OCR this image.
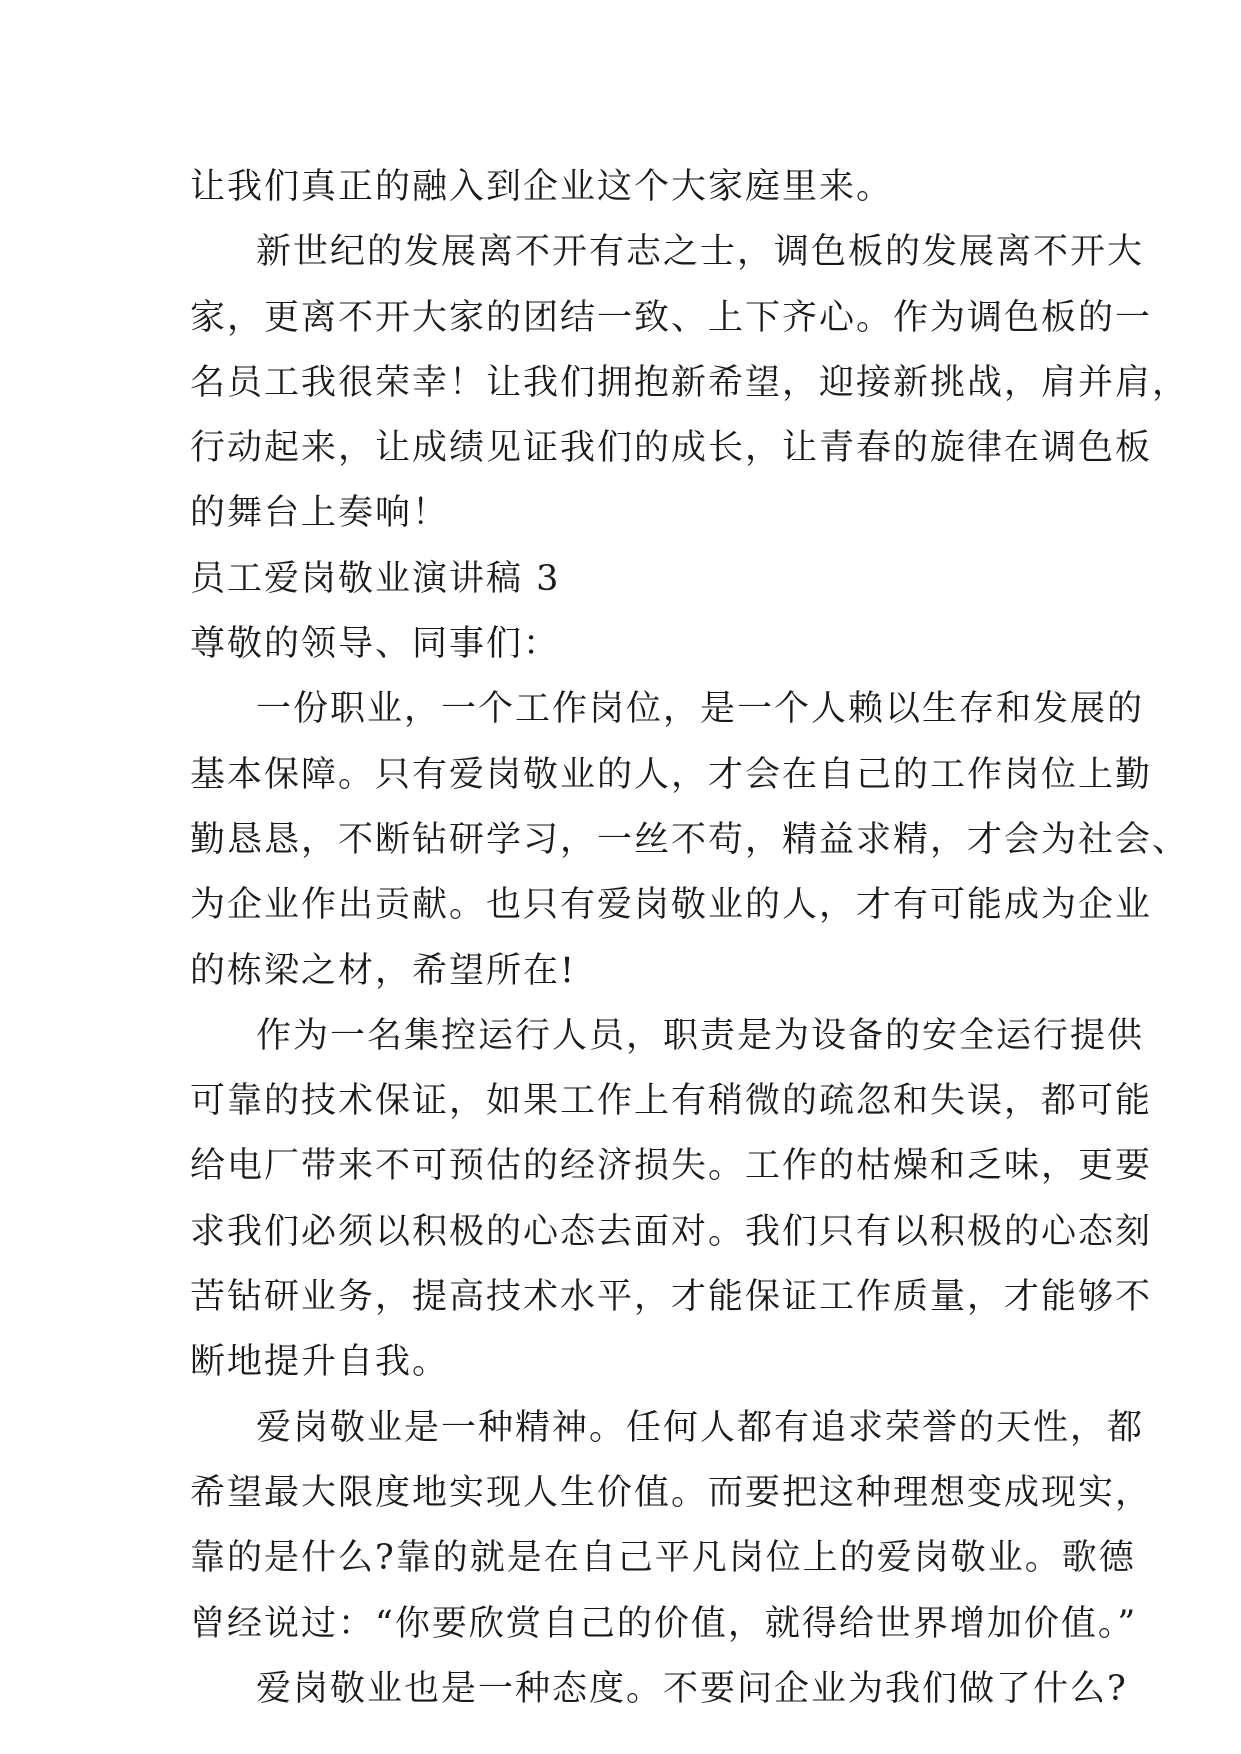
让我们真正的融入到企业这个大家庭里来。
新世纪的发展离不开有志之士，调色板的发展离不开大
家，更离不开大家的团结一致、上下齐心。作为调色板的一
名员工我很荣幸！让我们拥抱新希望，迎接新挑战，肩并肩，
行动起来，让成绩见证我们的成长，让青春的旋律在调色板
的舞台上奏响！
员工爱岗敬业演讲稿 3
尊敬的领导、同事们：
一份职业，一个工作岗位，是一个人赖以生存和发展的
基本保障。只有爱岗敬业的人，才会在自己的工作岗位上勤
勤恳恳，不断钻研学习，一丝不苟，精益求精，才会为社会、
为企业作出贡献。也只有爱岗敬业的人，才有可能成为企业
的栋梁之材，希望所在!
作为一名集控运行人员，职责是为设备的安全运行提供
可靠的技术保证，如果工作上有稍微的疏忽和失误，都可能
给电厂带来不可预估的经济损失。工作的枯燥和乏味，更要
求我们必须以积极的心态去面对。我们只有以积极的心态刻
苦钻研业务，提高技术水平，才能保证工作质量，才能够不
断地提升自我。
爱岗敬业是一种精神。任何人都有追求荣誉的天性，都
希望最大限度地实现人生价值。而要把这种理想变成现实，
靠的是什么?靠的就是在自己平凡岗位上的爱岗敬业。歌德
曾经说过：“你要欣赏自己的价值，就得给世界增加价值。”
爱岗敬业也是一种态度。不要问企业为我们做了什么?
